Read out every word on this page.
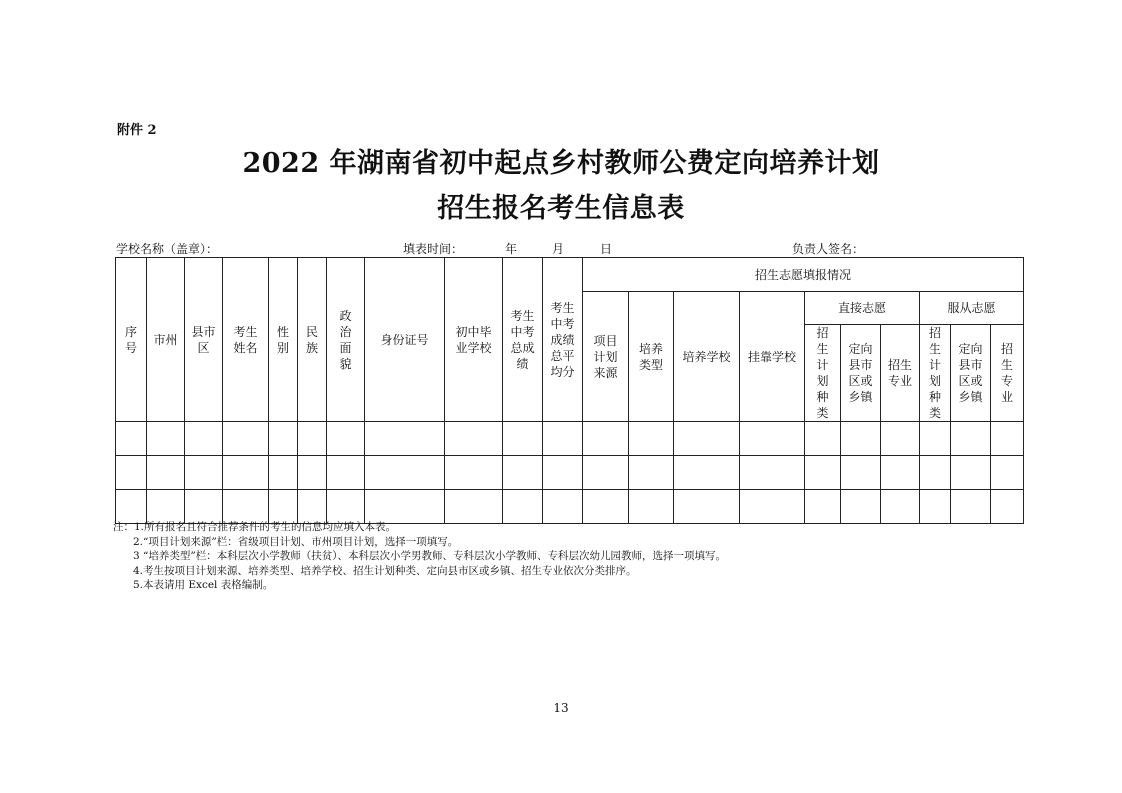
附件 2
2022 年湖南省初中起点乡村教师公费定向培养计划
招生报名考生信息表
学校名称（盖章）：	填表时间：	年	月	日	负责人签名：
序号	市州	县市区	考生姓名	性别	民族	政治面貌	身份证号	初中毕业学校	考生中考总成绩	考生中考成绩总平均分	招生志愿填报情况									
											项目计划来源	培养类型	培养学校	挂靠学校	直接志愿			服从志愿		
															招生计划种类	定向县市区或乡镇	招生专业	招生计划种类	定向县市区或乡镇	招生专业

注：1.所有报名且符合推荐条件的考生的信息均应填入本表。
2.“项目计划来源”栏：省级项目计划、市州项目计划，选择一项填写。
3 “培养类型”栏：本科层次小学教师（扶贫）、本科层次小学男教师、专科层次小学教师、专科层次幼儿园教师，选择一项填写。
4.考生按项目计划来源、培养类型、培养学校、招生计划种类、定向县市区或乡镇、招生专业依次分类排序。
5.本表请用 Excel 表格编制。
13
